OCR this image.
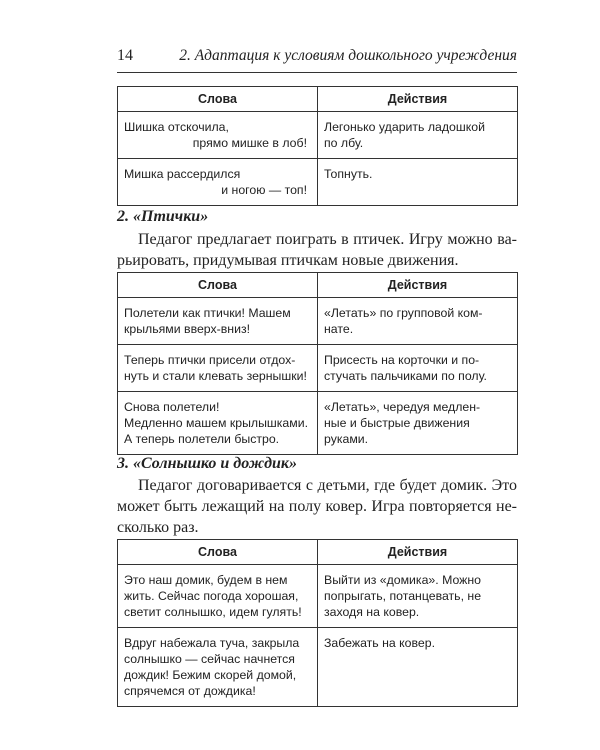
14	2. Адаптация к условиям дошкольного учреждения
Слова	Действия

Шишка отскочила,
прямо мишке в лоб!	Легонько ударить ладошкой
по лбу.

Мишка рассердился
и ногою — топ!	Топнуть.
2. «Птички»
Педагог предлагает поиграть в птичек. Игру можно ва-
рьировать, придумывая птичкам новые движения.
Слова	Действия

Полетели как птички! Машем
крыльями вверх-вниз!	«Летать» по групповой ком-
нате.

Теперь птички присели отдох-
нуть и стали клевать зернышки!	Присесть на корточки и по-
стучать пальчиками по полу.

Снова полетели!
Медленно машем крылышками.
А теперь полетели быстро.	«Летать», чередуя медлен-
ные и быстрые движения
руками.
3. «Солнышко и дождик»
Педагог договаривается с детьми, где будет домик. Это
может быть лежащий на полу ковер. Игра повторяется не-
сколько раз.
Слова	Действия

Это наш домик, будем в нем
жить. Сейчас погода хорошая,
светит солнышко, идем гулять!	Выйти из «домика». Можно
попрыгать, потанцевать, не
заходя на ковер.

Вдруг набежала туча, закрыла
солнышко — сейчас начнется
дождик! Бежим скорей домой,
спрячемся от дождика!	Забежать на ковер.
